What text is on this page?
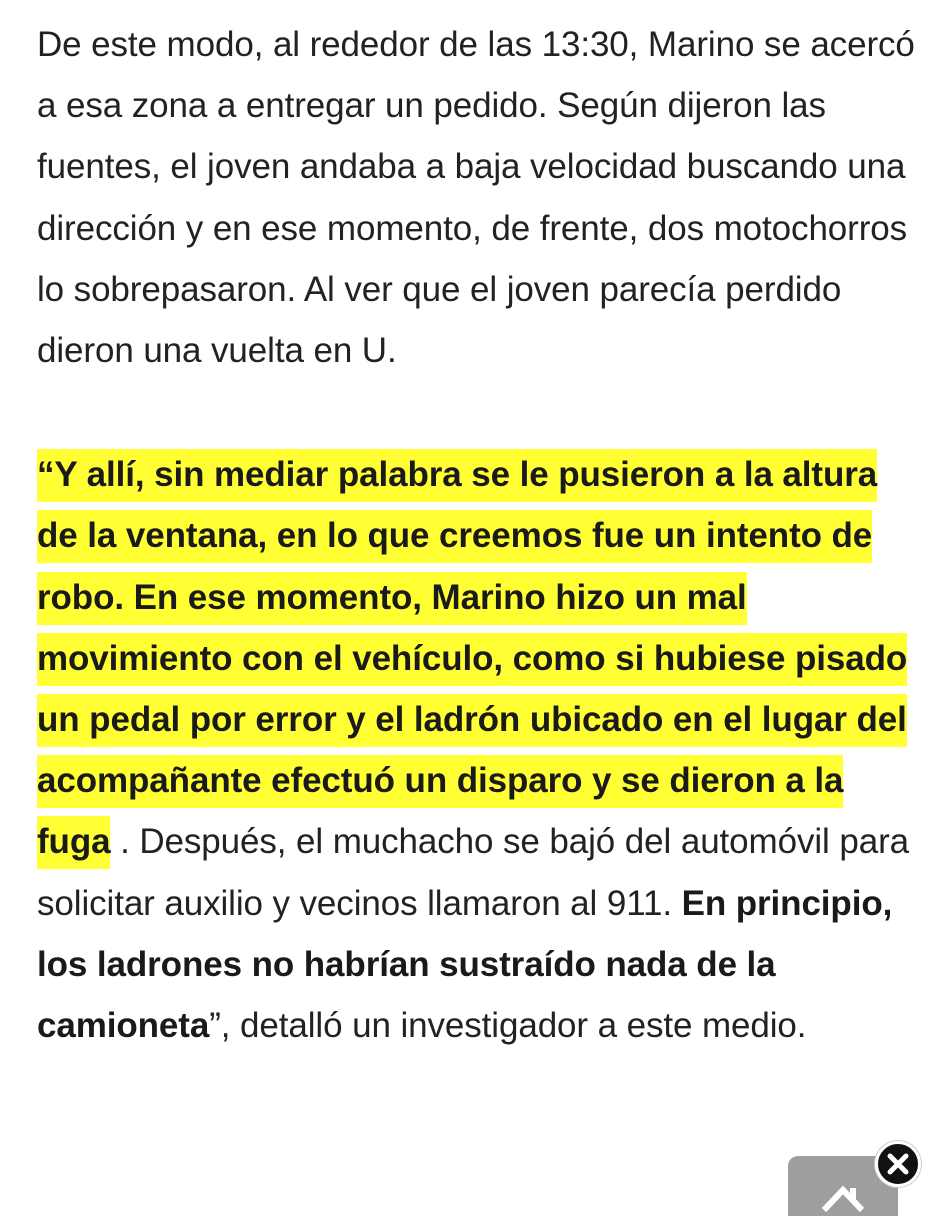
De este modo, al rededor de las 13:30, Marino se acercó a esa zona a entregar un pedido. Según dijeron las fuentes, el joven andaba a baja velocidad buscando una dirección y en ese momento, de frente, dos motochorros lo sobrepasaron. Al ver que el joven parecía perdido dieron una vuelta en U.

“Y allí, sin mediar palabra se le pusieron a la altura de la ventana, en lo que creemos fue un intento de robo. En ese momento, Marino hizo un mal movimiento con el vehículo, como si hubiese pisado un pedal por error y el ladrón ubicado en el lugar del acompañante efectuó un disparo y se dieron a la fuga . Después, el muchacho se bajó del automóvil para solicitar auxilio y vecinos llamaron al 911. En principio, los ladrones no habrían sustraído nada de la camioneta”, detalló un investigador a este medio.
